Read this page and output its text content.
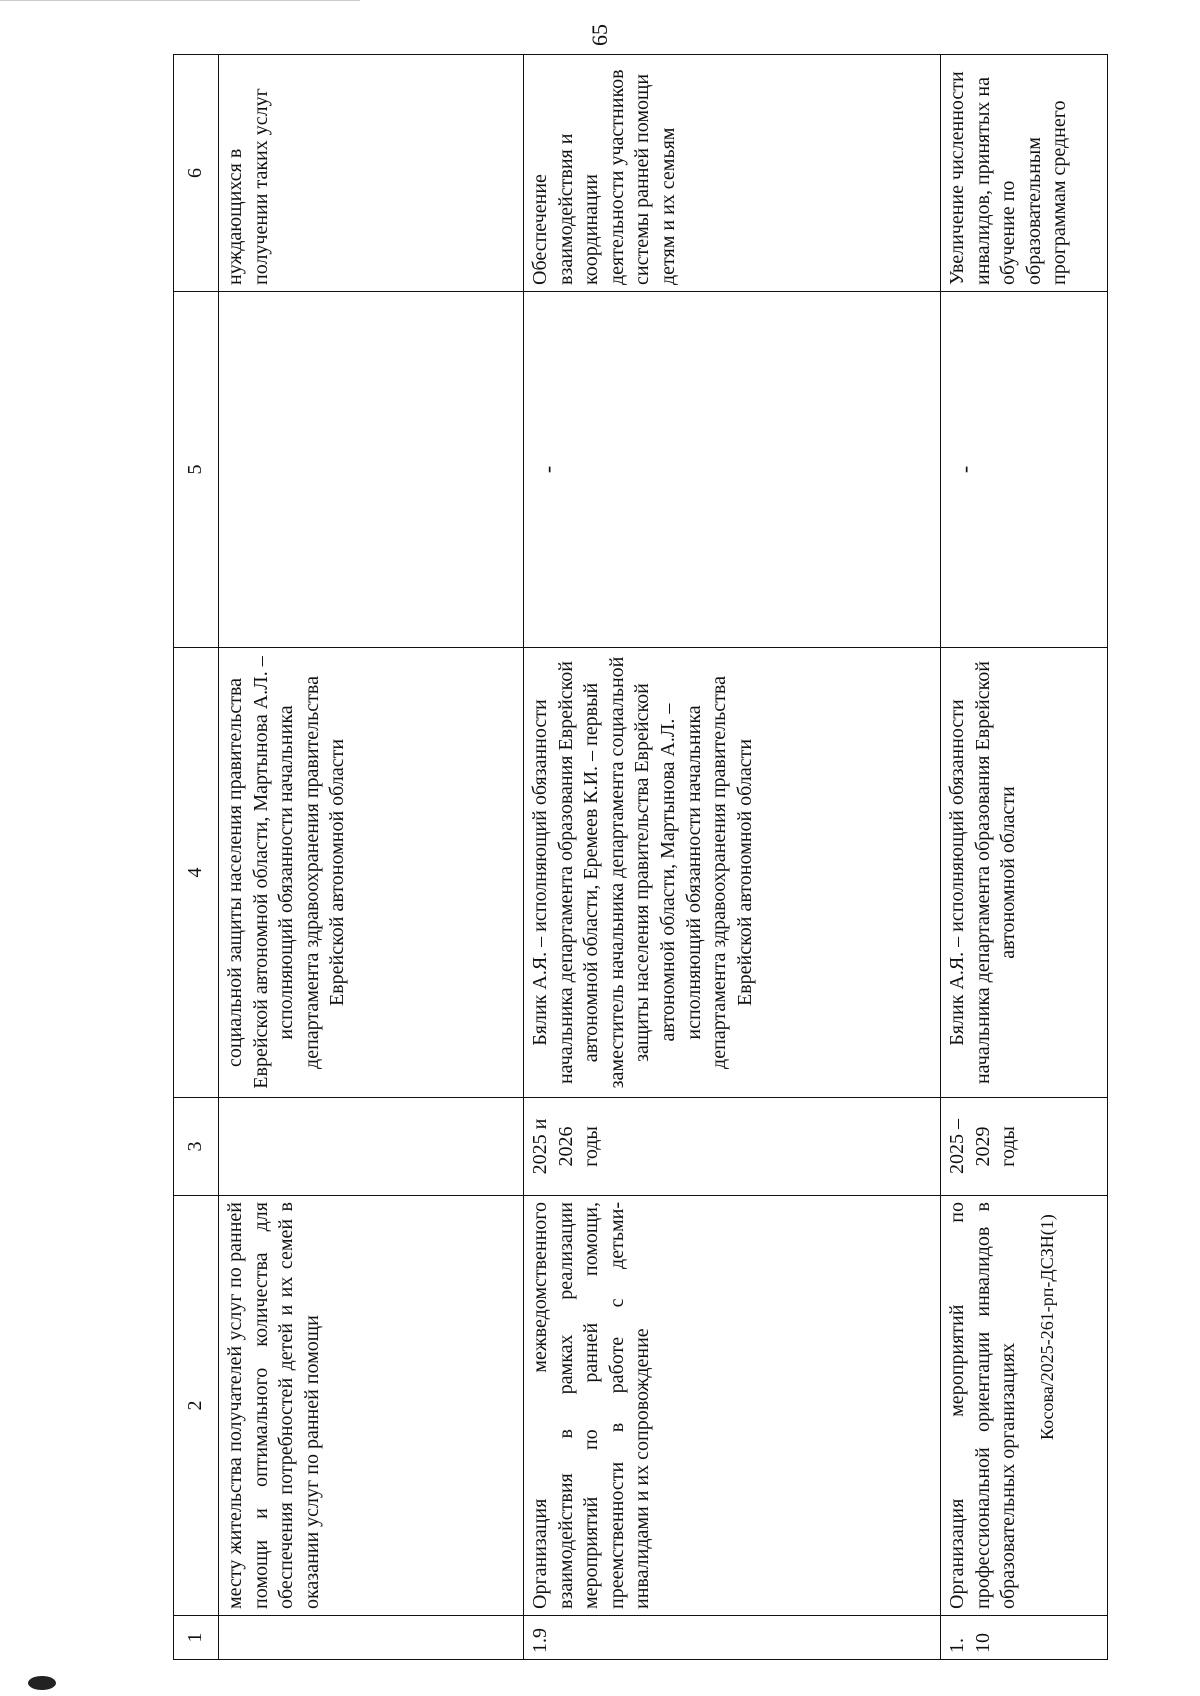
65
1	2	3	4	5	6
	месту жительства получателей услуг по ранней помощи и оптимального количества для обеспечения потребностей детей и их семей в оказании услуг по ранней помощи		социальной защиты населения правительства Еврейской автономной области, Мартынова А.Л. – исполняющий обязанности начальника департамента здравоохранения правительства Еврейской автономной области		нуждающихся в получении таких услуг
1.9	Организация межведомственного взаимодействия в рамках реализации мероприятий по ранней помощи, преемственности в работе с детьми-инвалидами и их сопровождение	2025 и 2026 годы	Бялик А.Я. – исполняющий обязанности начальника департамента образования Еврейской автономной области, Еремеев К.И. – первый заместитель начальника департамента социальной защиты населения правительства Еврейской автономной области, Мартынова А.Л. – исполняющий обязанности начальника департамента здравоохранения правительства Еврейской автономной области	-	Обеспечение взаимодействия и координации деятельности участников системы ранней помощи детям и их семьям
1. 10	Организация мероприятий по профессиональной ориентации инвалидов в образовательных организациях	2025 – 2029 годы	Бялик А.Я. – исполняющий обязанности начальника департамента образования Еврейской автономной области	-	Увеличение численности инвалидов, принятых на обучение по образовательным программам среднего
Косова/2025-261-рп-ДСЗН(1)
